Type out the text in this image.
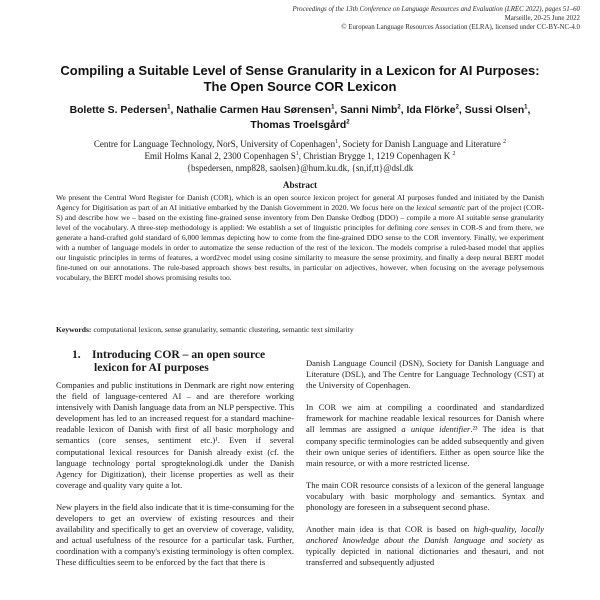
Proceedings of the 13th Conference on Language Resources and Evaluation (LREC 2022), pages 51–60
Marseille, 20-25 June 2022
© European Language Resources Association (ELRA), licensed under CC-BY-NC-4.0
Compiling a Suitable Level of Sense Granularity in a Lexicon for AI Purposes:
The Open Source COR Lexicon
Bolette S. Pedersen$^1$, Nathalie Carmen Hau Sørensen$^1$, Sanni Nimb$^2$, Ida Flörke$^2$, Sussi Olsen$^1$,
Thomas Troelsgård$^2$
Centre for Language Technology, NorS, University of Copenhagen$^1$, Society for Danish Language and Literature $^2$
Emil Holms Kanal 2, 2300 Copenhagen $S^1$, Christian Brygge 1, 1219 Copenhagen K $^2$
{bspedersen, nmp828, saolsen}@hum.ku.dk, {sn,if,tt}@dsl.dk
Abstract
We present the Central Word Register for Danish (COR), which is an open source lexicon project for general AI purposes funded and initiated by the Danish Agency for Digitisation as part of an AI initiative embarked by the Danish Government in 2020. We focus here on the lexical semantic part of the project (COR-S) and describe how we – based on the existing fine-grained sense inventory from Den Danske Ordbog (DDO) – compile a more AI suitable sense granularity level of the vocabulary. A three-step methodology is applied: We establish a set of linguistic principles for defining core senses in COR-S and from there, we generate a hand-crafted gold standard of 6,000 lemmas depicting how to come from the fine-grained DDO sense to the COR inventory. Finally, we experiment with a number of language models in order to automatize the sense reduction of the rest of the lexicon. The models comprise a ruled-based model that applies our linguistic principles in terms of features, a word2vec model using cosine similarity to measure the sense proximity, and finally a deep neural BERT model fine-tuned on our annotations. The rule-based approach shows best results, in particular on adjectives, however, when focusing on the average polysemous vocabulary, the BERT model shows promising results too.
Keywords: computational lexicon, sense granularity, semantic clustering, semantic text similarity
1. Introducing COR – an open source
lexicon for AI purposes

Companies and public institutions in Denmark are right now entering the field of language-centered AI – and are therefore working intensively with Danish language data from an NLP perspective. This development has led to an increased request for a standard machine-readable lexicon of Danish with first of all basic morphology and semantics (core senses, sentiment etc.)¹. Even if several computational lexical resources for Danish already exist (cf. the language technology portal sprogteknologi.dk under the Danish Agency for Digitization), their license properties as well as their coverage and quality vary quite a lot.

New players in the field also indicate that it is time-consuming for the developers to get an overview of existing resources and their availability and specifically to get an overview of coverage, validity, and actual usefulness of the resource for a particular task. Further, coordination with a company's existing terminology is often complex. These difficulties seem to be enforced by the fact that there is

Danish Language Council (DSN), Society for Danish Language and Literature (DSL), and The Centre for Language Technology (CST) at the University of Copenhagen.

In COR we aim at compiling a coordinated and standardized framework for machine readable lexical resources for Danish where all lemmas are assigned a unique identifier.²³ The idea is that company specific terminologies can be added subsequently and given their own unique series of identifiers. Either as open source like the main resource, or with a more restricted license.

The main COR resource consists of a lexicon of the general language vocabulary with basic morphology and semantics. Syntax and phonology are foreseen in a subsequent second phase.

Another main idea is that COR is based on high-quality, locally anchored knowledge about the Danish language and society as typically depicted in national dictionaries and thesauri, and not transferred and subsequently adjusted
